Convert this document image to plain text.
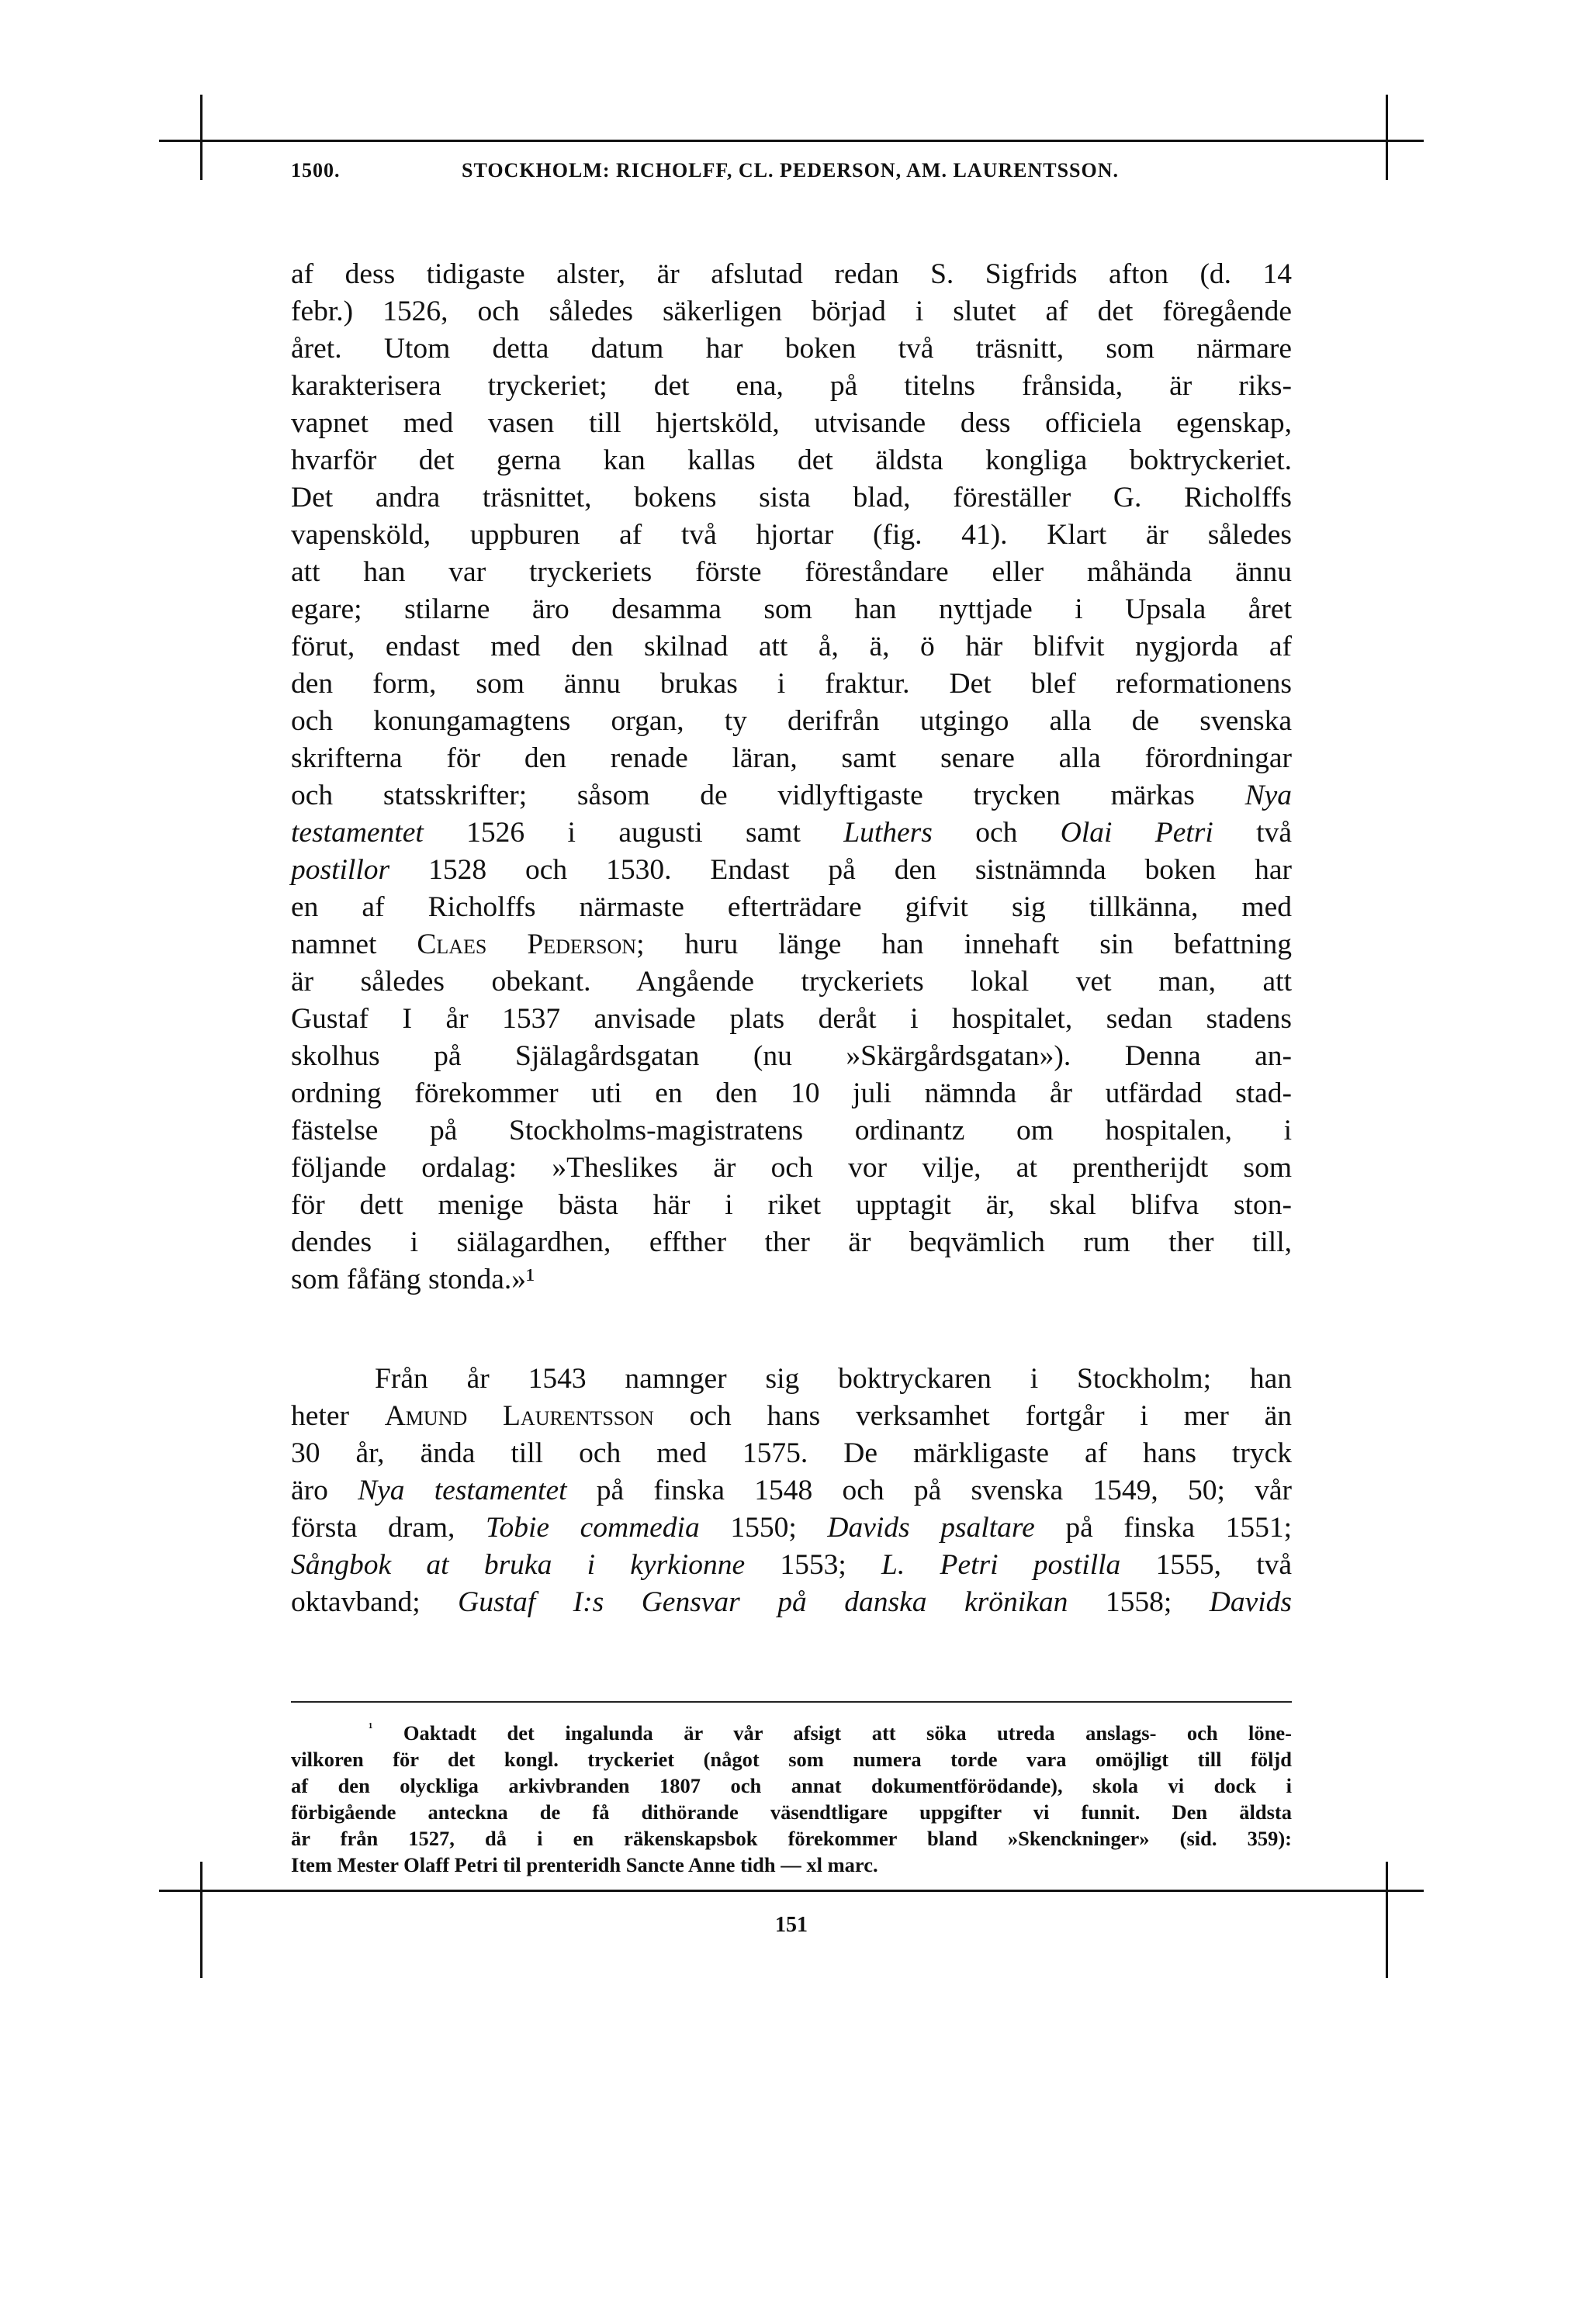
1500.	STOCKHOLM: RICHOLFF, CL. PEDERSON, AM. LAURENTSSON.
af dess tidigaste alster, är afslutad redan S. Sigfrids afton (d. 14
febr.) 1526, och således säkerligen börjad i slutet af det föregående
året. Utom detta datum har boken två träsnitt, som närmare
karakterisera tryckeriet; det ena, på titelns frånsida, är riks-
vapnet med vasen till hjertsköld, utvisande dess officiela egenskap,
hvarför det gerna kan kallas det äldsta kongliga boktryckeriet.
Det andra träsnittet, bokens sista blad, föreställer G. Richolffs
vapensköld, uppburen af två hjortar (fig. 41). Klart är således
att han var tryckeriets förste föreståndare eller måhända ännu
egare; stilarne äro desamma som han nyttjade i Upsala året
förut, endast med den skilnad att å, ä, ö här blifvit nygjorda af
den form, som ännu brukas i fraktur. Det blef reformationens
och konungamagtens organ, ty derifrån utgingo alla de svenska
skrifterna för den renade läran, samt senare alla förordningar
och statsskrifter; såsom de vidlyftigaste trycken märkas Nya
testamentet 1526 i augusti samt Luthers och Olai Petri två
postillor 1528 och 1530. Endast på den sistnämnda boken har
en af Richolffs närmaste efterträdare gifvit sig tillkänna, med
namnet Claes Pederson; huru länge han innehaft sin befattning
är således obekant. Angående tryckeriets lokal vet man, att
Gustaf I år 1537 anvisade plats deråt i hospitalet, sedan stadens
skolhus på Själagårdsgatan (nu »Skärgårdsgatan»). Denna an-
ordning förekommer uti en den 10 juli nämnda år utfärdad stad-
fästelse på Stockholms-magistratens ordinantz om hospitalen, i
följande ordalag: »Theslikes är och vor vilje, at prentherijdt som
för dett menige bästa här i riket upptagit är, skal blifva ston-
dendes i siälagardhen, effther ther är beqvämlich rum ther till,
som fåfäng stonda.»¹
Från år 1543 namnger sig boktryckaren i Stockholm; han
heter Amund Laurentsson och hans verksamhet fortgår i mer än
30 år, ända till och med 1575. De märkligaste af hans tryck
äro Nya testamentet på finska 1548 och på svenska 1549, 50; vår
första dram, Tobie commedia 1550; Davids psaltare på finska 1551;
Sångbok at bruka i kyrkionne 1553; L. Petri postilla 1555, två
oktavband; Gustaf I:s Gensvar på danska krönikan 1558; Davids
$^{^1}$ Oaktadt det ingalunda är vår afsigt att söka utreda anslags- och löne-
vilkoren för det kongl. tryckeriet (något som numera torde vara omöjligt till följd
af den olyckliga arkivbranden 1807 och annat dokumentförödande), skola vi dock i
förbigående anteckna de få dithörande väsendtligare uppgifter vi funnit. Den äldsta
är från 1527, då i en räkenskapsbok förekommer bland »Skenckninger» (sid. 359):
Item Mester Olaff Petri til prenteridh Sancte Anne tidh — xl marc.
151
